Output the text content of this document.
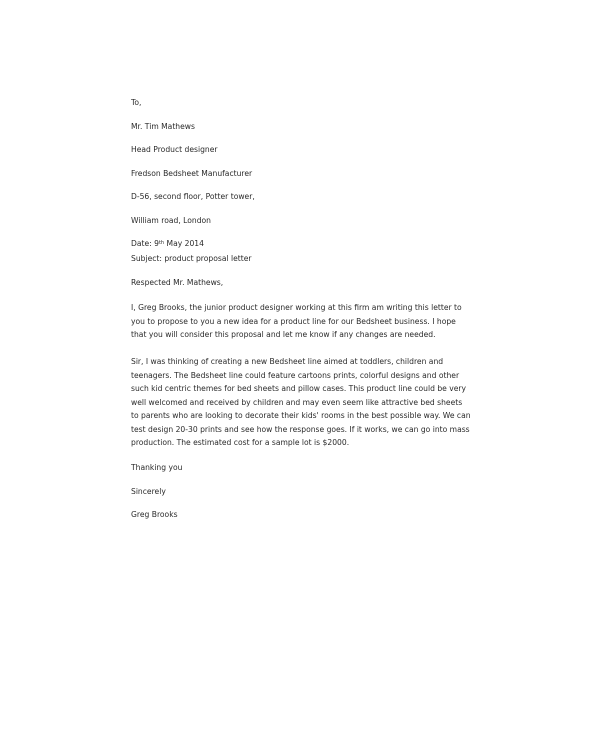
To,
Mr. Tim Mathews
Head Product designer
Fredson Bedsheet Manufacturer
D-56, second floor, Potter tower,
William road, London
Date: 9th May 2014
Subject: product proposal letter
Respected Mr. Mathews,
I, Greg Brooks, the junior product designer working at this firm am writing this letter to you to propose to you a new idea for a product line for our Bedsheet business. I hope that you will consider this proposal and let me know if any changes are needed.
Sir, I was thinking of creating a new Bedsheet line aimed at toddlers, children and teenagers. The Bedsheet line could feature cartoons prints, colorful designs and other such kid centric themes for bed sheets and pillow cases. This product line could be very well welcomed and received by children and may even seem like attractive bed sheets to parents who are looking to decorate their kids' rooms in the best possible way. We can test design 20-30 prints and see how the response goes. If it works, we can go into mass production. The estimated cost for a sample lot is $2000.
Thanking you
Sincerely
Greg Brooks
